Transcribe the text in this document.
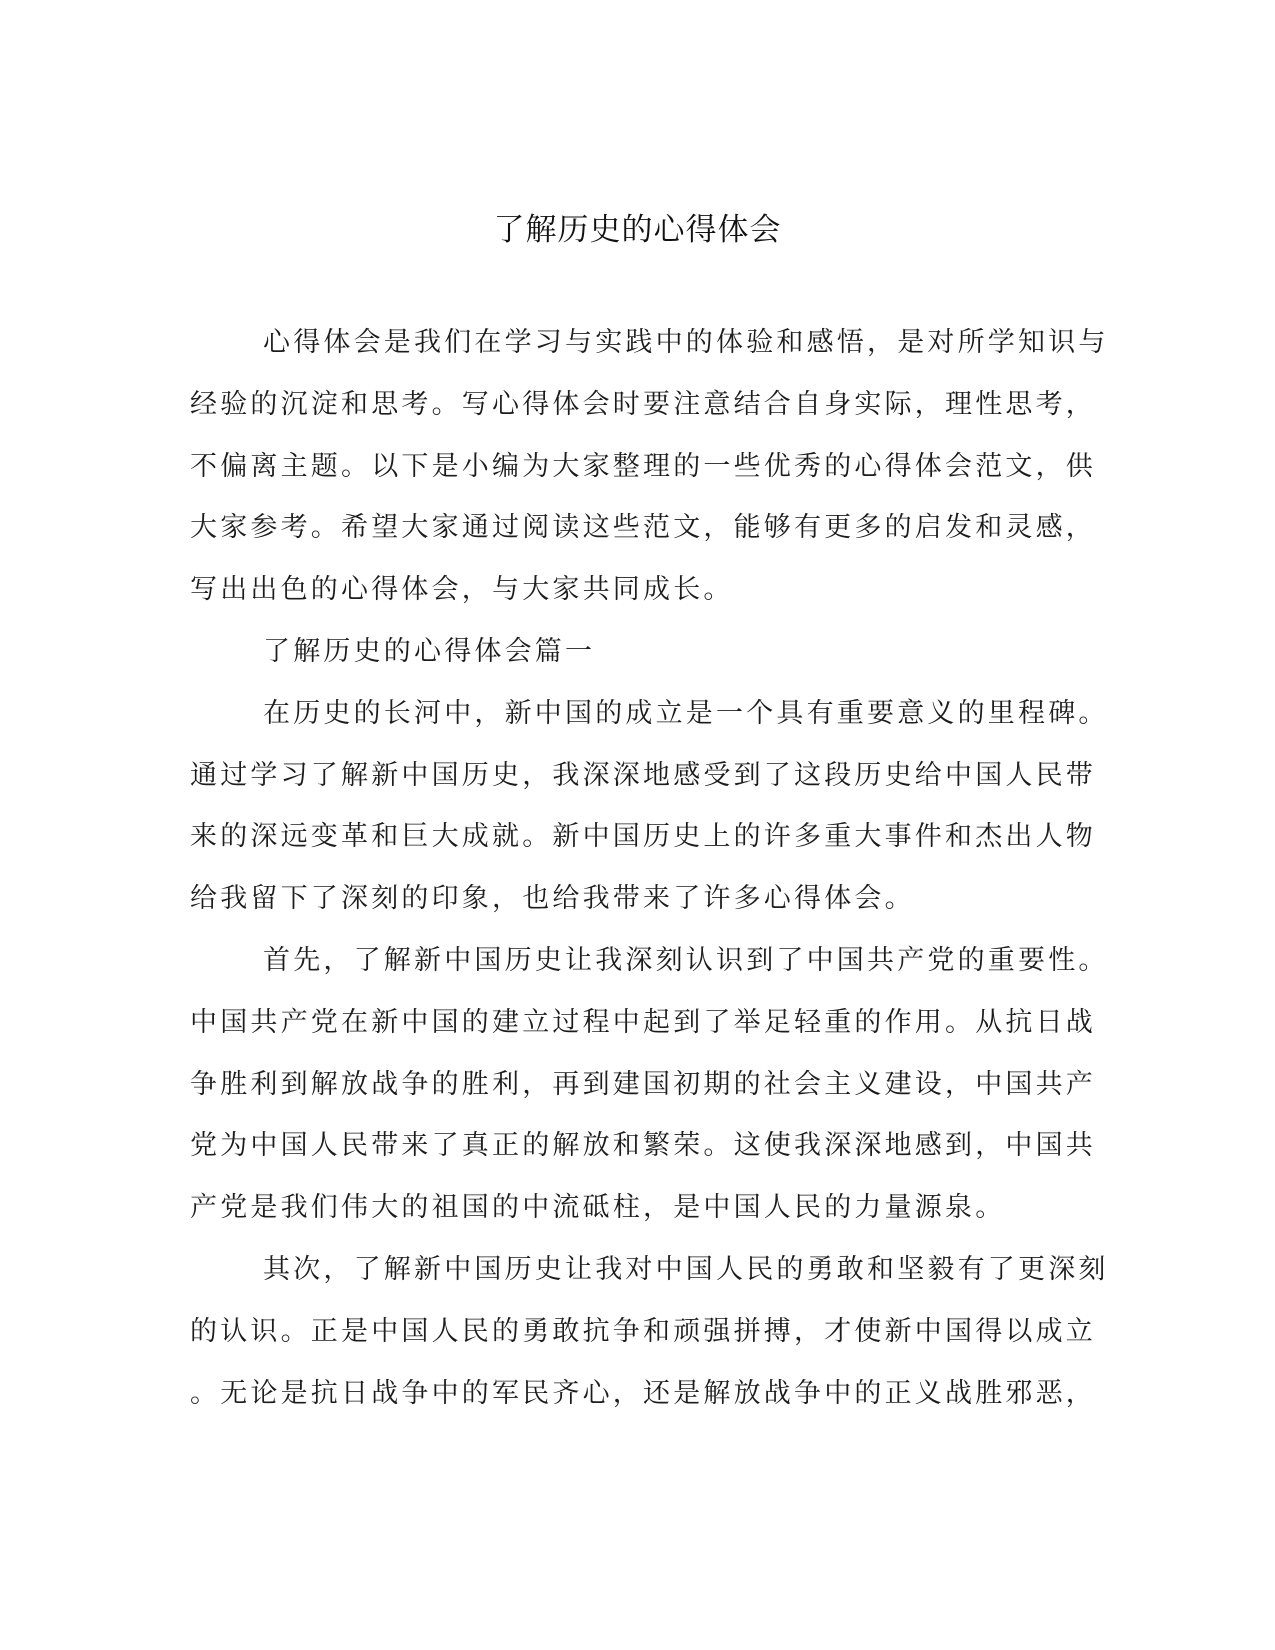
了解历史的心得体会
心得体会是我们在学习与实践中的体验和感悟，是对所学知识与
经验的沉淀和思考。写心得体会时要注意结合自身实际，理性思考，
不偏离主题。以下是小编为大家整理的一些优秀的心得体会范文，供
大家参考。希望大家通过阅读这些范文，能够有更多的启发和灵感，
写出出色的心得体会，与大家共同成长。
了解历史的心得体会篇一
在历史的长河中，新中国的成立是一个具有重要意义的里程碑。
通过学习了解新中国历史，我深深地感受到了这段历史给中国人民带
来的深远变革和巨大成就。新中国历史上的许多重大事件和杰出人物
给我留下了深刻的印象，也给我带来了许多心得体会。
首先，了解新中国历史让我深刻认识到了中国共产党的重要性。
中国共产党在新中国的建立过程中起到了举足轻重的作用。从抗日战
争胜利到解放战争的胜利，再到建国初期的社会主义建设，中国共产
党为中国人民带来了真正的解放和繁荣。这使我深深地感到，中国共
产党是我们伟大的祖国的中流砥柱，是中国人民的力量源泉。
其次，了解新中国历史让我对中国人民的勇敢和坚毅有了更深刻
的认识。正是中国人民的勇敢抗争和顽强拼搏，才使新中国得以成立
。无论是抗日战争中的军民齐心，还是解放战争中的正义战胜邪恶，
